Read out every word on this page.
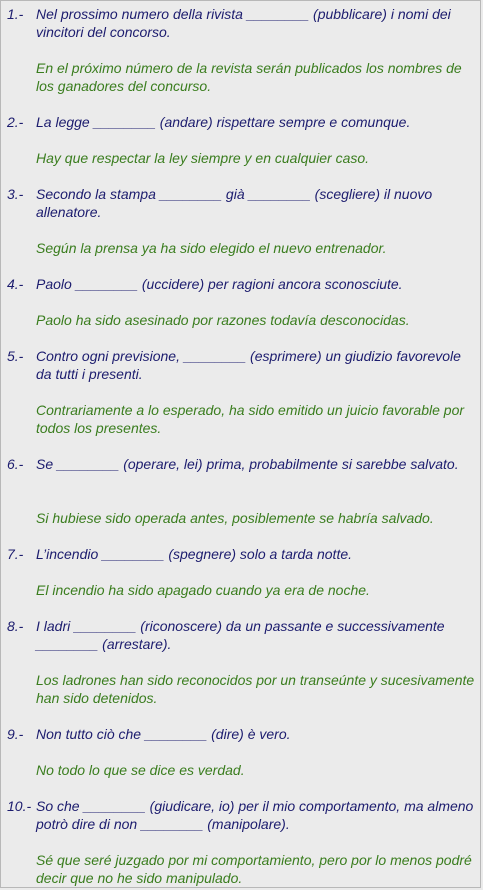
1.- Nel prossimo numero della rivista ________ (pubblicare) i nomi dei vincitori del concorso.
En el próximo número de la revista serán publicados los nombres de los ganadores del concurso.
2.- La legge ________ (andare) rispettare sempre e comunque.
Hay que respectar la ley siempre y en cualquier caso.
3.- Secondo la stampa ________ già ________ (scegliere) il nuovo allenatore.
Según la prensa ya ha sido elegido el nuevo entrenador.
4.- Paolo ________ (uccidere) per ragioni ancora sconosciute.
Paolo ha sido asesinado por razones todavía desconocidas.
5.- Contro ogni previsione, ________ (esprimere) un giudizio favorevole da tutti i presenti.
Contrariamente a lo esperado, ha sido emitido un juicio favorable por todos los presentes.
6.- Se ________ (operare, lei) prima, probabilmente si sarebbe salvato.
Si hubiese sido operada antes, posiblemente se habría salvado.
7.- L’incendio ________ (spegnere) solo a tarda notte.
El incendio ha sido apagado cuando ya era de noche.
8.- I ladri ________ (riconoscere) da un passante e successivamente ________ (arrestare).
Los ladrones han sido reconocidos por un transeúnte y sucesivamente han sido detenidos.
9.- Non tutto ciò che ________ (dire) è vero.
No todo lo que se dice es verdad.
10.- So che ________ (giudicare, io) per il mio comportamento, ma almeno potrò dire di non ________ (manipolare).
Sé que seré juzgado por mi comportamiento, pero por lo menos podré decir que no he sido manipulado.
